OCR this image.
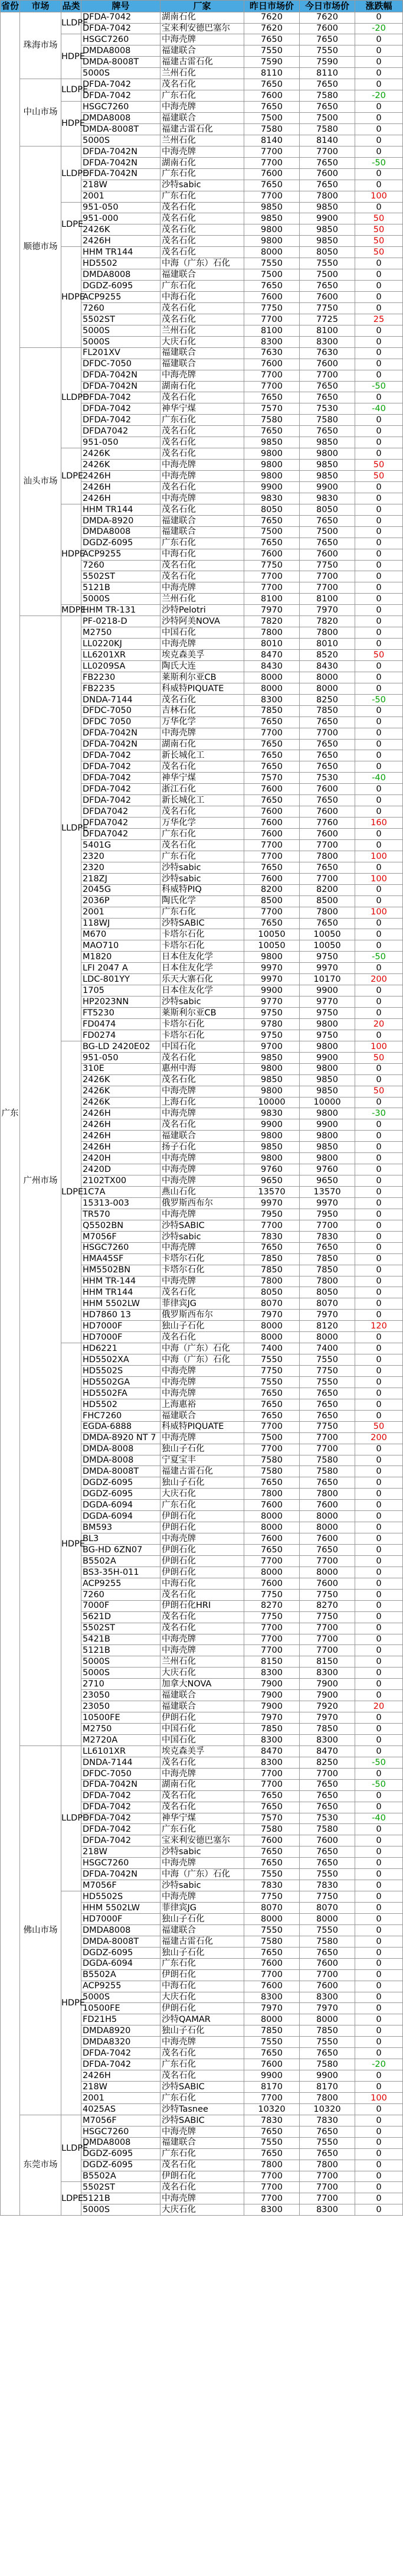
省份	市场	品类	牌号	厂家	昨日市场价	今日市场价	涨跌幅
广东	珠海市场	LLDPE	DFDA-7042	湖南石化	7620	7620	0
			DFDA-7042	宝来利安德巴塞尔	7620	7600	-20
		HDPE	HSGC7260	中海壳牌	7650	7650	0
			DMDA8008	福建联合	7550	7550	0
			DMDA-8008T	福建古雷石化	7590	7590	0
			5000S	兰州石化	8110	8110	0
	中山市场	LLDPE	DFDA-7042	茂名石化	7650	7650	0
			DFDA-7042	广东石化	7600	7580	-20
		HDPE	HSGC7260	中海壳牌	7650	7650	0
			DMDA8008	福建联合	7500	7500	0
			DMDA-8008T	福建古雷石化	7580	7580	0
			5000S	兰州石化	8140	8140	0
	顺德市场	LLDPE	DFDA-7042N	中海壳牌	7700	7700	0
			DFDA-7042N	湖南石化	7700	7650	-50
			DFDA-7042N	广东石化	7600	7600	0
			218W	沙特sabic	7650	7650	0
			2001	广东石化	7700	7800	100
		LDPE	951-050	茂名石化	9850	9850	0
			951-000	茂名石化	9850	9900	50
			2426K	茂名石化	9800	9850	50
			2426H	茂名石化	9800	9850	50
		HDPE	HHM TR144	茂名石化	8000	8050	50
			HD5502	中海（广东）石化	7550	7550	0
			DMDA8008	福建联合	7500	7500	0
			DGDZ-6095	广东石化	7650	7650	0
			ACP9255	中海石化	7600	7600	0
			7260	茂名石化	7750	7750	0
			5502ST	茂名石化	7700	7725	25
			5000S	兰州石化	8100	8100	0
			5000S	大庆石化	8300	8300	0
	汕头市场	LLDPE	FL201XV	福建联合	7630	7630	0
			DFDC-7050	福建联合	7600	7600	0
			DFDA-7042N	中海壳牌	7700	7700	0
			DFDA-7042N	湖南石化	7700	7650	-50
			DFDA-7042	茂名石化	7650	7650	0
			DFDA-7042	神华宁煤	7570	7530	-40
			DFDA-7042	广东石化	7580	7580	0
			DFDA7042	茂名石化	7650	7650	0
			951-050	茂名石化	9850	9850	0
		LDPE	2426K	茂名石化	9800	9800	0
			2426K	中海壳牌	9800	9850	50
			2426H	中海壳牌	9800	9850	50
			2426H	茂名石化	9900	9900	0
			2426H	中海壳牌	9830	9830	0
		HDPE	HHM TR144	茂名石化	8050	8050	0
			DMDA-8920	福建联合	7650	7650	0
			DMDA8008	福建联合	7500	7500	0
			DGDZ-6095	广东石化	7650	7650	0
			ACP9255	中海石化	7600	7600	0
			7260	茂名石化	7750	7750	0
			5502ST	茂名石化	7700	7700	0
			5121B	中海壳牌	7700	7700	0
			5000S	兰州石化	8100	8100	0
		MDPE	HHM TR-131	沙特Pelotri	7970	7970	0
	广州市场	LLDPE	PF-0218-D	沙特阿美NOVA	7820	7820	0
			M2750	中国石化	7800	7800	0
			LL0220KJ	中海壳牌	8010	8010	0
			LL6201XR	埃克森美孚	8470	8520	50
			LL0209SA	陶氏大连	8430	8430	0
			FB2230	莱斯利尔亚CB	8000	8000	0
			FB2235	科威特PIQUATE	8000	8000	0
			DNDA-7144	茂名石化	8300	8250	-50
			DFDC-7050	吉林石化	7850	7850	0
			DFDC 7050	万华化学	7650	7650	0
			DFDA-7042N	中海壳牌	7700	7700	0
			DFDA-7042N	湖南石化	7650	7650	0
			DFDA-7042	新长城化工	7650	7650	0
			DFDA-7042	茂名石化	7650	7650	0
			DFDA-7042	神华宁煤	7570	7530	-40
			DFDA-7042	浙江石化	7600	7600	0
			DFDA-7042	新长城化工	7650	7650	0
			DFDA7042	茂名石化	7600	7600	0
			DFDA7042	万华化学	7600	7760	160
			DFDA7042	广东石化	7600	7600	0
			5401G	茂名石化	7700	7700	0
			2320	广东石化	7700	7800	100
			2320	沙特sabic	7650	7650	0
			218ZJ	沙特sabic	7600	7700	100
			2045G	科威特PIQ	8200	8200	0
			2036P	陶氏化学	8500	8500	0
			2001	广东石化	7700	7800	100
			118WJ	沙特SABIC	7650	7650	0
			M670	卡塔尔石化	10050	10050	0
			MAO710	卡塔尔石化	10050	10050	0
			M1820	日本住友化学	9800	9750	-50
			LFI 2047 A	日本住友化学	9970	9970	0
			LDC-801YY	乐天大寨石化	9970	10170	200
			1705	日本住友化学	9900	9900	0
			HP2023NN	沙特sabic	9770	9770	0
			FT5230	莱斯利尔亚CB	9750	9750	0
			FD0474	卡塔尔石化	9780	9800	20
			FD0274	卡塔尔石化	9750	9750	0
		LDPE	BG-LD 2420E02	中国石化	9700	9800	100
			951-050	茂名石化	9850	9900	50
			310E	惠州中海	9800	9800	0
			2426K	茂名石化	9850	9850	0
			2426K	中海壳牌	9800	9850	50
			2426K	上海石化	10000	10000	0
			2426H	中海壳牌	9830	9800	-30
			2426H	茂名石化	9900	9900	0
			2426H	福建联合	9800	9800	0
			2426H	扬子石化	9850	9850	0
			2420H	中海壳牌	9800	9800	0
			2420D	中海壳牌	9760	9760	0
			2102TX00	中海壳牌	9650	9650	0
			1C7A	燕山石化	13570	13570	0
			15313-003	俄罗斯西布尔	9970	9970	0
			TR570	中海壳牌	7950	7950	0
			Q5502BN	沙特SABIC	7700	7700	0
			M7056F	沙特sabic	7830	7830	0
			HSGC7260	中海壳牌	7650	7650	0
			HMA45SF	卡塔尔石化	7850	7850	0
			HM5502BN	卡塔尔石化	7850	7850	0
			HHM TR-144	中海壳牌	7800	7800	0
			HHM TR144	茂名石化	8050	8050	0
			HHM 5502LW	菲律宾JG	8070	8070	0
			HD7860 13	俄罗斯西布尔	7970	7970	0
			HD7000F	独山子石化	8000	8120	120
			HD7000F	茂名石化	8000	8000	0
		HDPE	HD6221	中海（广东）石化	7400	7400	0
			HD5502XA	中海（广东）石化	7550	7550	0
			HD5502S	中海壳牌	7750	7750	0
			HD5502GA	中海壳牌	7550	7550	0
			HD5502FA	中海壳牌	7650	7650	0
			HD5502	上海惠裕	7650	7650	0
			FHC7260	福建联合	7650	7650	0
			EGDA-6888	科威特PIQUATE	7700	7750	50
			DMDA-8920 NT 7	中海壳牌	7500	7700	200
			DMDA-8008	独山子石化	7700	7700	0
			DMDA-8008	宁夏宝丰	7580	7580	0
			DMDA-8008T	福建古雷石化	7580	7580	0
			DGDZ-6095	独山子石化	7650	7650	0
			DGDZ-6095	大庆石化	7800	7800	0
			DGDA-6094	广东石化	7600	7600	0
			DGDA-6094	伊朗石化	8000	8000	0
			BM593	伊朗石化	8000	8000	0
			BL3	中海壳牌	7600	7600	0
			BG-HD 6ZN07	伊朗石化	7650	7650	0
			B5502A	伊朗石化	7700	7700	0
			BS3-35H-011	伊朗石化	8000	8000	0
			ACP9255	中海石化	7600	7600	0
			7260	茂名石化	7750	7750	0
			7000F	伊朗石化HRI	8270	8270	0
			5621D	茂名石化	7750	7750	0
			5502ST	茂名石化	7700	7700	0
			5421B	中海壳牌	7700	7700	0
			5121B	中海壳牌	7700	7700	0
			5000S	兰州石化	8150	8150	0
			5000S	大庆石化	8300	8300	0
			2710	加拿大NOVA	7900	7900	0
			23050	福建联合	7900	7900	0
			23050	福建联合	7900	7920	20
			10500FE	伊朗石化	7970	7970	0
			M2750	中国石化	7850	7850	0
			M2720A	中国石化	8300	8300	0
	佛山市场	LLDPE	LL6101XR	埃克森美孚	8470	8470	0
			DNDA-7144	茂名石化	8300	8250	-50
			DFDC-7050	中海壳牌	7700	7700	0
			DFDA-7042N	湖南石化	7700	7650	-50
			DFDA-7042	茂名石化	7650	7650	0
			DFDA-7042	茂名石化	7650	7650	0
			DFDA-7042	神华宁煤	7570	7530	-40
			DFDA-7042	广东石化	7580	7580	0
			DFDA-7042	宝来利安德巴塞尔	7600	7600	0
			218W	沙特sabic	7650	7650	0
			HSGC7260	中海壳牌	7650	7650	0
			DFDA-7042N	中海（广东）石化	7550	7550	0
			M7056F	沙特sabic	7830	7830	0
		HDPE	HD5502S	中海壳牌	7750	7750	0
			HHM 5502LW	菲律宾JG	8070	8070	0
			HD7000F	独山子石化	8000	8000	0
			DMDA8008	福建联合	7550	7550	0
			DMDA-8008T	福建古雷石化	7580	7580	0
			DGDZ-6095	独山子石化	7650	7650	0
			DGDA-6094	广东石化	7600	7600	0
			B5502A	伊朗石化	7700	7700	0
			ACP9255	中海石化	7600	7600	0
			5000S	大庆石化	8300	8300	0
			10500FE	伊朗石化	7970	7970	0
			FD21H5	沙特QAMAR	8000	8000	0
			DMDA8920	独山子石化	7850	7850	0
			DMDA8320	中海壳牌	7550	7550	0
			DFDA-7042	茂名石化	7650	7650	0
			DFDA-7042	广东石化	7600	7580	-20
			2426H	茂名石化	9900	9900	0
			218W	沙特SABIC	8170	8170	0
			2001	广东石化	7700	7800	100
			4025AS	沙特Tasnee	10320	10320	0
	东莞市场	LLDPE	M7056F	沙特SABIC	7830	7830	0
			HSGC7260	中海壳牌	7650	7650	0
			DMDA8008	福建联合	7550	7550	0
			DGDZ-6095	广东石化	7650	7650	0
			DGDZ-6095	茂名石化	7800	7800	0
			B5502A	伊朗石化	7700	7700	0
		LDPE	5502ST	茂名石化	7700	7700	0
			5121B	中海壳牌	7700	7700	0
			5000S	大庆石化	8300	8300	0
